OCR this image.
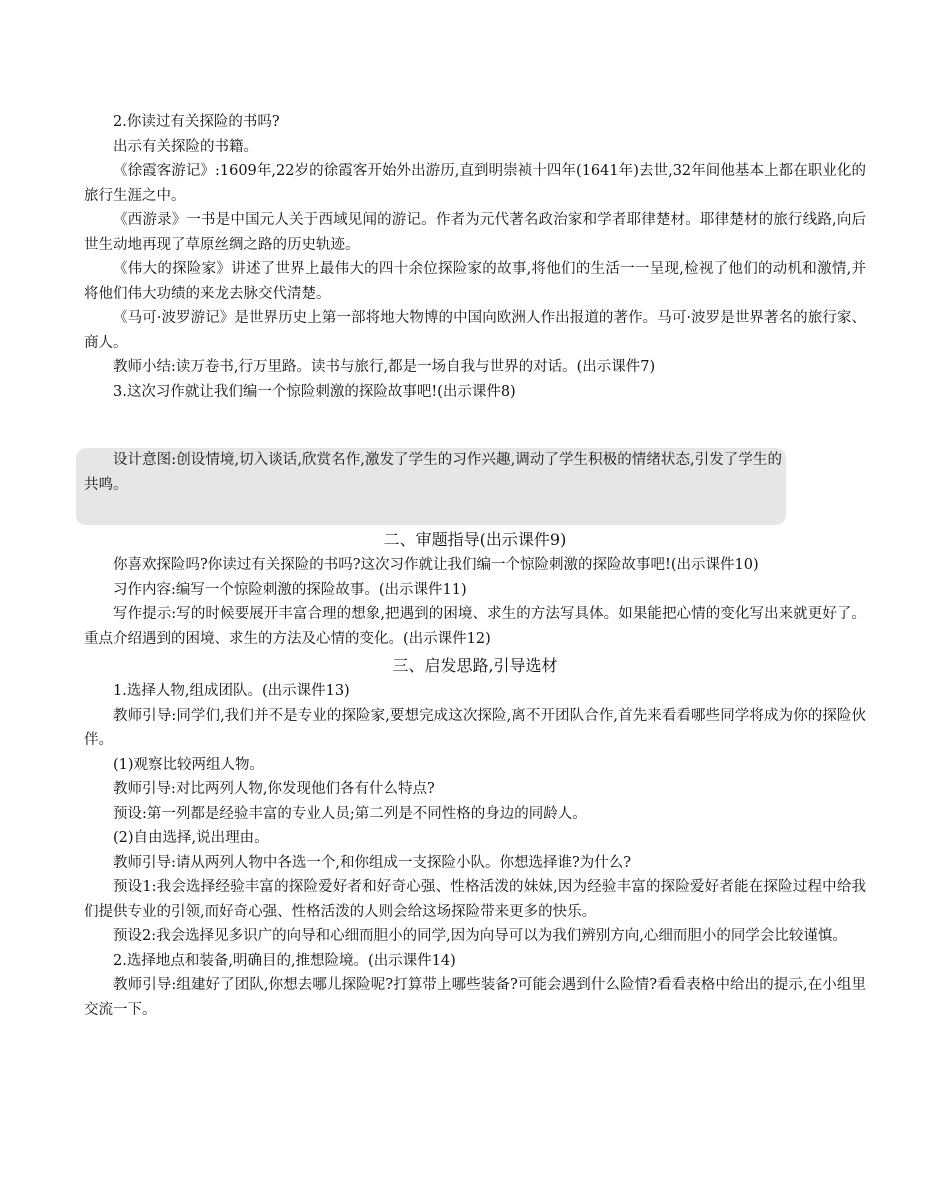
2.你读过有关探险的书吗?

出示有关探险的书籍。

《徐霞客游记》:1609年,22岁的徐霞客开始外出游历,直到明崇祯十四年(1641年)去世,32年间他基本上都在职业化的旅行生涯之中。

《西游录》一书是中国元人关于西域见闻的游记。作者为元代著名政治家和学者耶律楚材。耶律楚材的旅行线路,向后世生动地再现了草原丝绸之路的历史轨迹。

《伟大的探险家》讲述了世界上最伟大的四十余位探险家的故事,将他们的生活一一呈现,检视了他们的动机和激情,并将他们伟大功绩的来龙去脉交代清楚。

《马可·波罗游记》是世界历史上第一部将地大物博的中国向欧洲人作出报道的著作。马可·波罗是世界著名的旅行家、商人。

教师小结:读万卷书,行万里路。读书与旅行,都是一场自我与世界的对话。(出示课件7)

3.这次习作就让我们编一个惊险刺激的探险故事吧!(出示课件8)

设计意图:创设情境,切入谈话,欣赏名作,激发了学生的习作兴趣,调动了学生积极的情绪状态,引发了学生的共鸣。

二、审题指导(出示课件9)

你喜欢探险吗?你读过有关探险的书吗?这次习作就让我们编一个惊险刺激的探险故事吧!(出示课件10)

习作内容:编写一个惊险刺激的探险故事。(出示课件11)

写作提示:写的时候要展开丰富合理的想象,把遇到的困境、求生的方法写具体。如果能把心情的变化写出来就更好了。重点介绍遇到的困境、求生的方法及心情的变化。(出示课件12)

三、启发思路,引导选材

1.选择人物,组成团队。(出示课件13)

教师引导:同学们,我们并不是专业的探险家,要想完成这次探险,离不开团队合作,首先来看看哪些同学将成为你的探险伙伴。

(1)观察比较两组人物。

教师引导:对比两列人物,你发现他们各有什么特点?

预设:第一列都是经验丰富的专业人员;第二列是不同性格的身边的同龄人。

(2)自由选择,说出理由。

教师引导:请从两列人物中各选一个,和你组成一支探险小队。你想选择谁?为什么?

预设1:我会选择经验丰富的探险爱好者和好奇心强、性格活泼的妹妹,因为经验丰富的探险爱好者能在探险过程中给我们提供专业的引领,而好奇心强、性格活泼的人则会给这场探险带来更多的快乐。

预设2:我会选择见多识广的向导和心细而胆小的同学,因为向导可以为我们辨别方向,心细而胆小的同学会比较谨慎。

2.选择地点和装备,明确目的,推想险境。(出示课件14)

教师引导:组建好了团队,你想去哪儿探险呢?打算带上哪些装备?可能会遇到什么险情?看看表格中给出的提示,在小组里交流一下。
